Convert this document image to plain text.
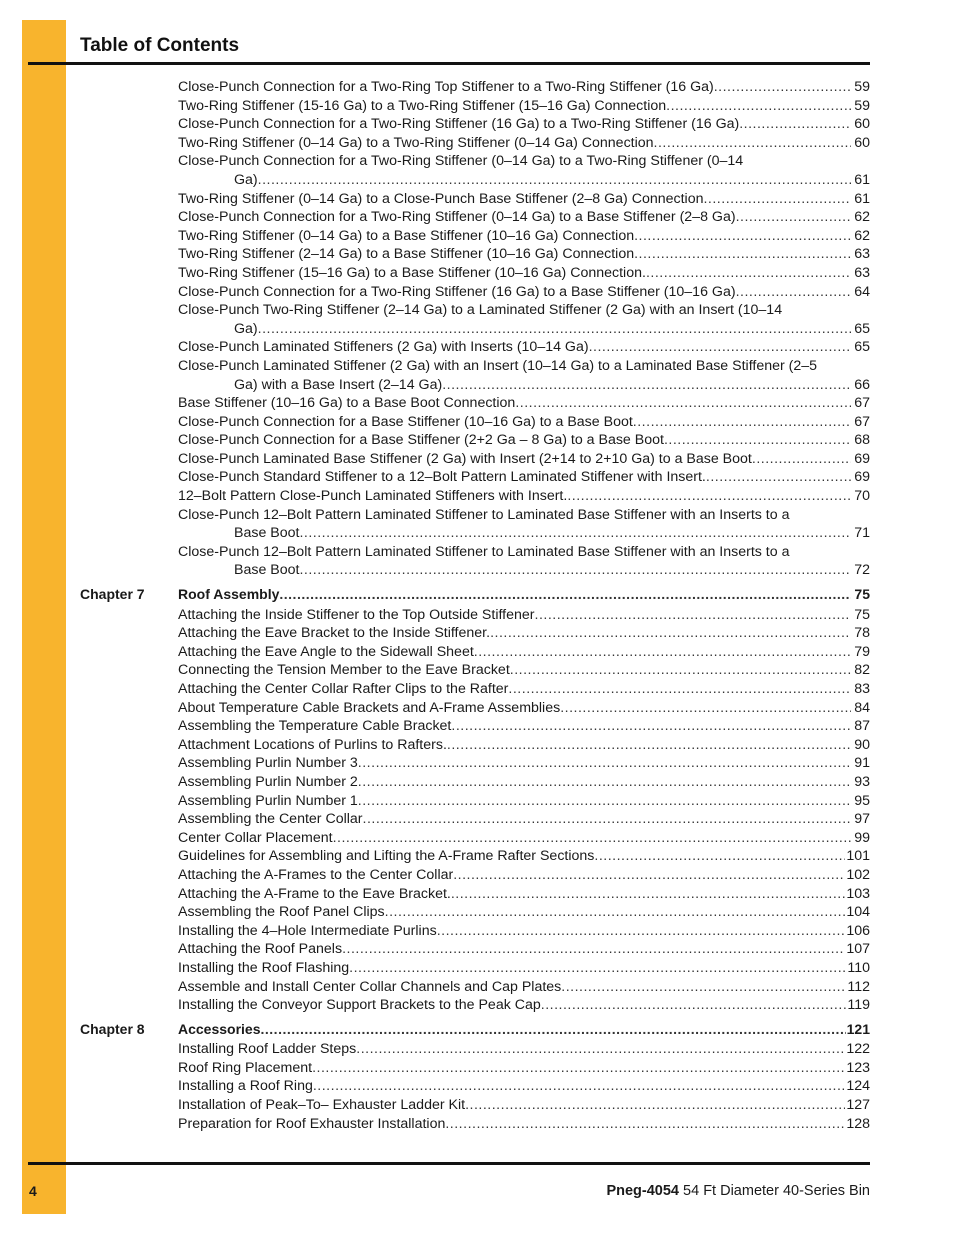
Table of Contents
Close-Punch Connection for a Two-Ring Top Stiffener to a Two-Ring Stiffener (16 Ga) .....	59
Two-Ring Stiffener (15-16 Ga) to a Two-Ring Stiffener (15–16 Ga) Connection .....	59
Close-Punch Connection for a Two-Ring Stiffener (16 Ga) to a Two-Ring Stiffener (16 Ga) .....	60
Two-Ring Stiffener (0–14 Ga) to a Two-Ring Stiffener (0–14 Ga) Connection .....	60
Close-Punch Connection for a Two-Ring Stiffener (0–14 Ga) to a Two-Ring Stiffener (0–14
Ga) .....	61
Two-Ring Stiffener (0–14 Ga) to a Close-Punch Base Stiffener (2–8 Ga) Connection .....	61
Close-Punch Connection for a Two-Ring Stiffener (0–14 Ga) to a Base Stiffener (2–8 Ga) .....	62
Two-Ring Stiffener (0–14 Ga) to a Base Stiffener (10–16 Ga) Connection .....	62
Two-Ring Stiffener (2–14 Ga) to a Base Stiffener (10–16 Ga) Connection .....	63
Two-Ring Stiffener (15–16 Ga) to a Base Stiffener (10–16 Ga) Connection. .....	63
Close-Punch Connection for a Two-Ring Stiffener (16 Ga) to a Base Stiffener (10–16 Ga) .....	64
Close-Punch Two-Ring Stiffener (2–14 Ga) to a Laminated Stiffener (2 Ga) with an Insert (10–14
Ga) .....	65
Close-Punch Laminated Stiffeners (2 Ga) with Inserts (10–14 Ga) .....	65
Close-Punch Laminated Stiffener (2 Ga) with an Insert (10–14 Ga) to a Laminated Base Stiffener (2–5
Ga) with a Base Insert (2–14 Ga) .....	66
Base Stiffener (10–16 Ga) to a Base Boot Connection .....	67
Close-Punch Connection for a Base Stiffener (10–16 Ga) to a Base Boot .....	67
Close-Punch Connection for a Base Stiffener (2+2 Ga – 8 Ga) to a Base Boot .....	68
Close-Punch Laminated Base Stiffener (2 Ga) with Insert (2+14 to 2+10 Ga) to a Base Boot .....	69
Close-Punch Standard Stiffener to a 12–Bolt Pattern Laminated Stiffener with Insert. .....	69
12–Bolt Pattern Close-Punch Laminated Stiffeners with Insert. .....	70
Close-Punch 12–Bolt Pattern Laminated Stiffener to Laminated Base Stiffener with an Inserts to a
Base Boot .....	71
Close-Punch 12–Bolt Pattern Laminated Stiffener to Laminated Base Stiffener with an Inserts to a
Base Boot .....	72
Chapter 7 Roof Assembly .....	75
Attaching the Inside Stiffener to the Top Outside Stiffener .....	75
Attaching the Eave Bracket to the Inside Stiffener. .....	78
Attaching the Eave Angle to the Sidewall Sheet .....	79
Connecting the Tension Member to the Eave Bracket .....	82
Attaching the Center Collar Rafter Clips to the Rafter .....	83
About Temperature Cable Brackets and A-Frame Assemblies .....	84
Assembling the Temperature Cable Bracket .....	87
Attachment Locations of Purlins to Rafters. .....	90
Assembling Purlin Number 3 .....	91
Assembling Purlin Number 2 .....	93
Assembling Purlin Number 1 .....	95
Assembling the Center Collar .....	97
Center Collar Placement .....	99
Guidelines for Assembling and Lifting the A-Frame Rafter Sections .....	101
Attaching the A-Frames to the Center Collar .....	102
Attaching the A-Frame to the Eave Bracket. .....	103
Assembling the Roof Panel Clips .....	104
Installing the 4–Hole Intermediate Purlins .....	106
Attaching the Roof Panels .....	107
Installing the Roof Flashing .....	110
Assemble and Install Center Collar Channels and Cap Plates .....	112
Installing the Conveyor Support Brackets to the Peak Cap .....	119
Chapter 8 Accessories .....	121
Installing Roof Ladder Steps .....	122
Roof Ring Placement .....	123
Installing a Roof Ring .....	124
Installation of Peak–To– Exhauster Ladder Kit .....	127
Preparation for Roof Exhauster Installation .....	128
4	Pneg-4054 54 Ft Diameter 40-Series Bin
